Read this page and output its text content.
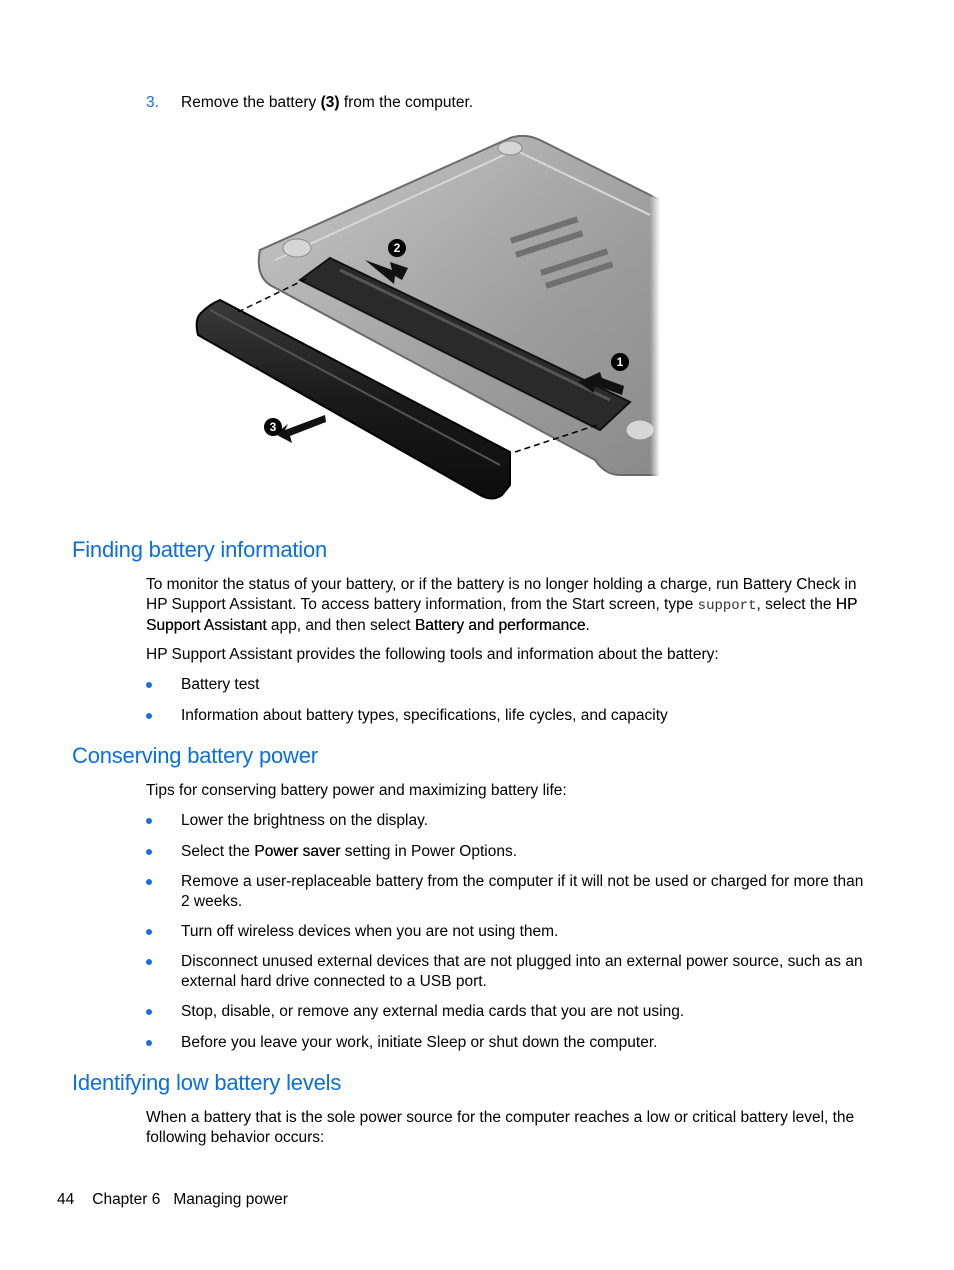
3. Remove the battery (3) from the computer.
2
1
3
Finding battery information
To monitor the status of your battery, or if the battery is no longer holding a charge, run Battery Check in HP Support Assistant. To access battery information, from the Start screen, type support, select the HP Support Assistant app, and then select Battery and performance.
HP Support Assistant provides the following tools and information about the battery:
Battery test
Information about battery types, specifications, life cycles, and capacity
Conserving battery power
Tips for conserving battery power and maximizing battery life:
Lower the brightness on the display.
Select the Power saver setting in Power Options.
Remove a user-replaceable battery from the computer if it will not be used or charged for more than 2 weeks.
Turn off wireless devices when you are not using them.
Disconnect unused external devices that are not plugged into an external power source, such as an external hard drive connected to a USB port.
Stop, disable, or remove any external media cards that you are not using.
Before you leave your work, initiate Sleep or shut down the computer.
Identifying low battery levels
When a battery that is the sole power source for the computer reaches a low or critical battery level, the following behavior occurs:
44 Chapter 6 Managing power
